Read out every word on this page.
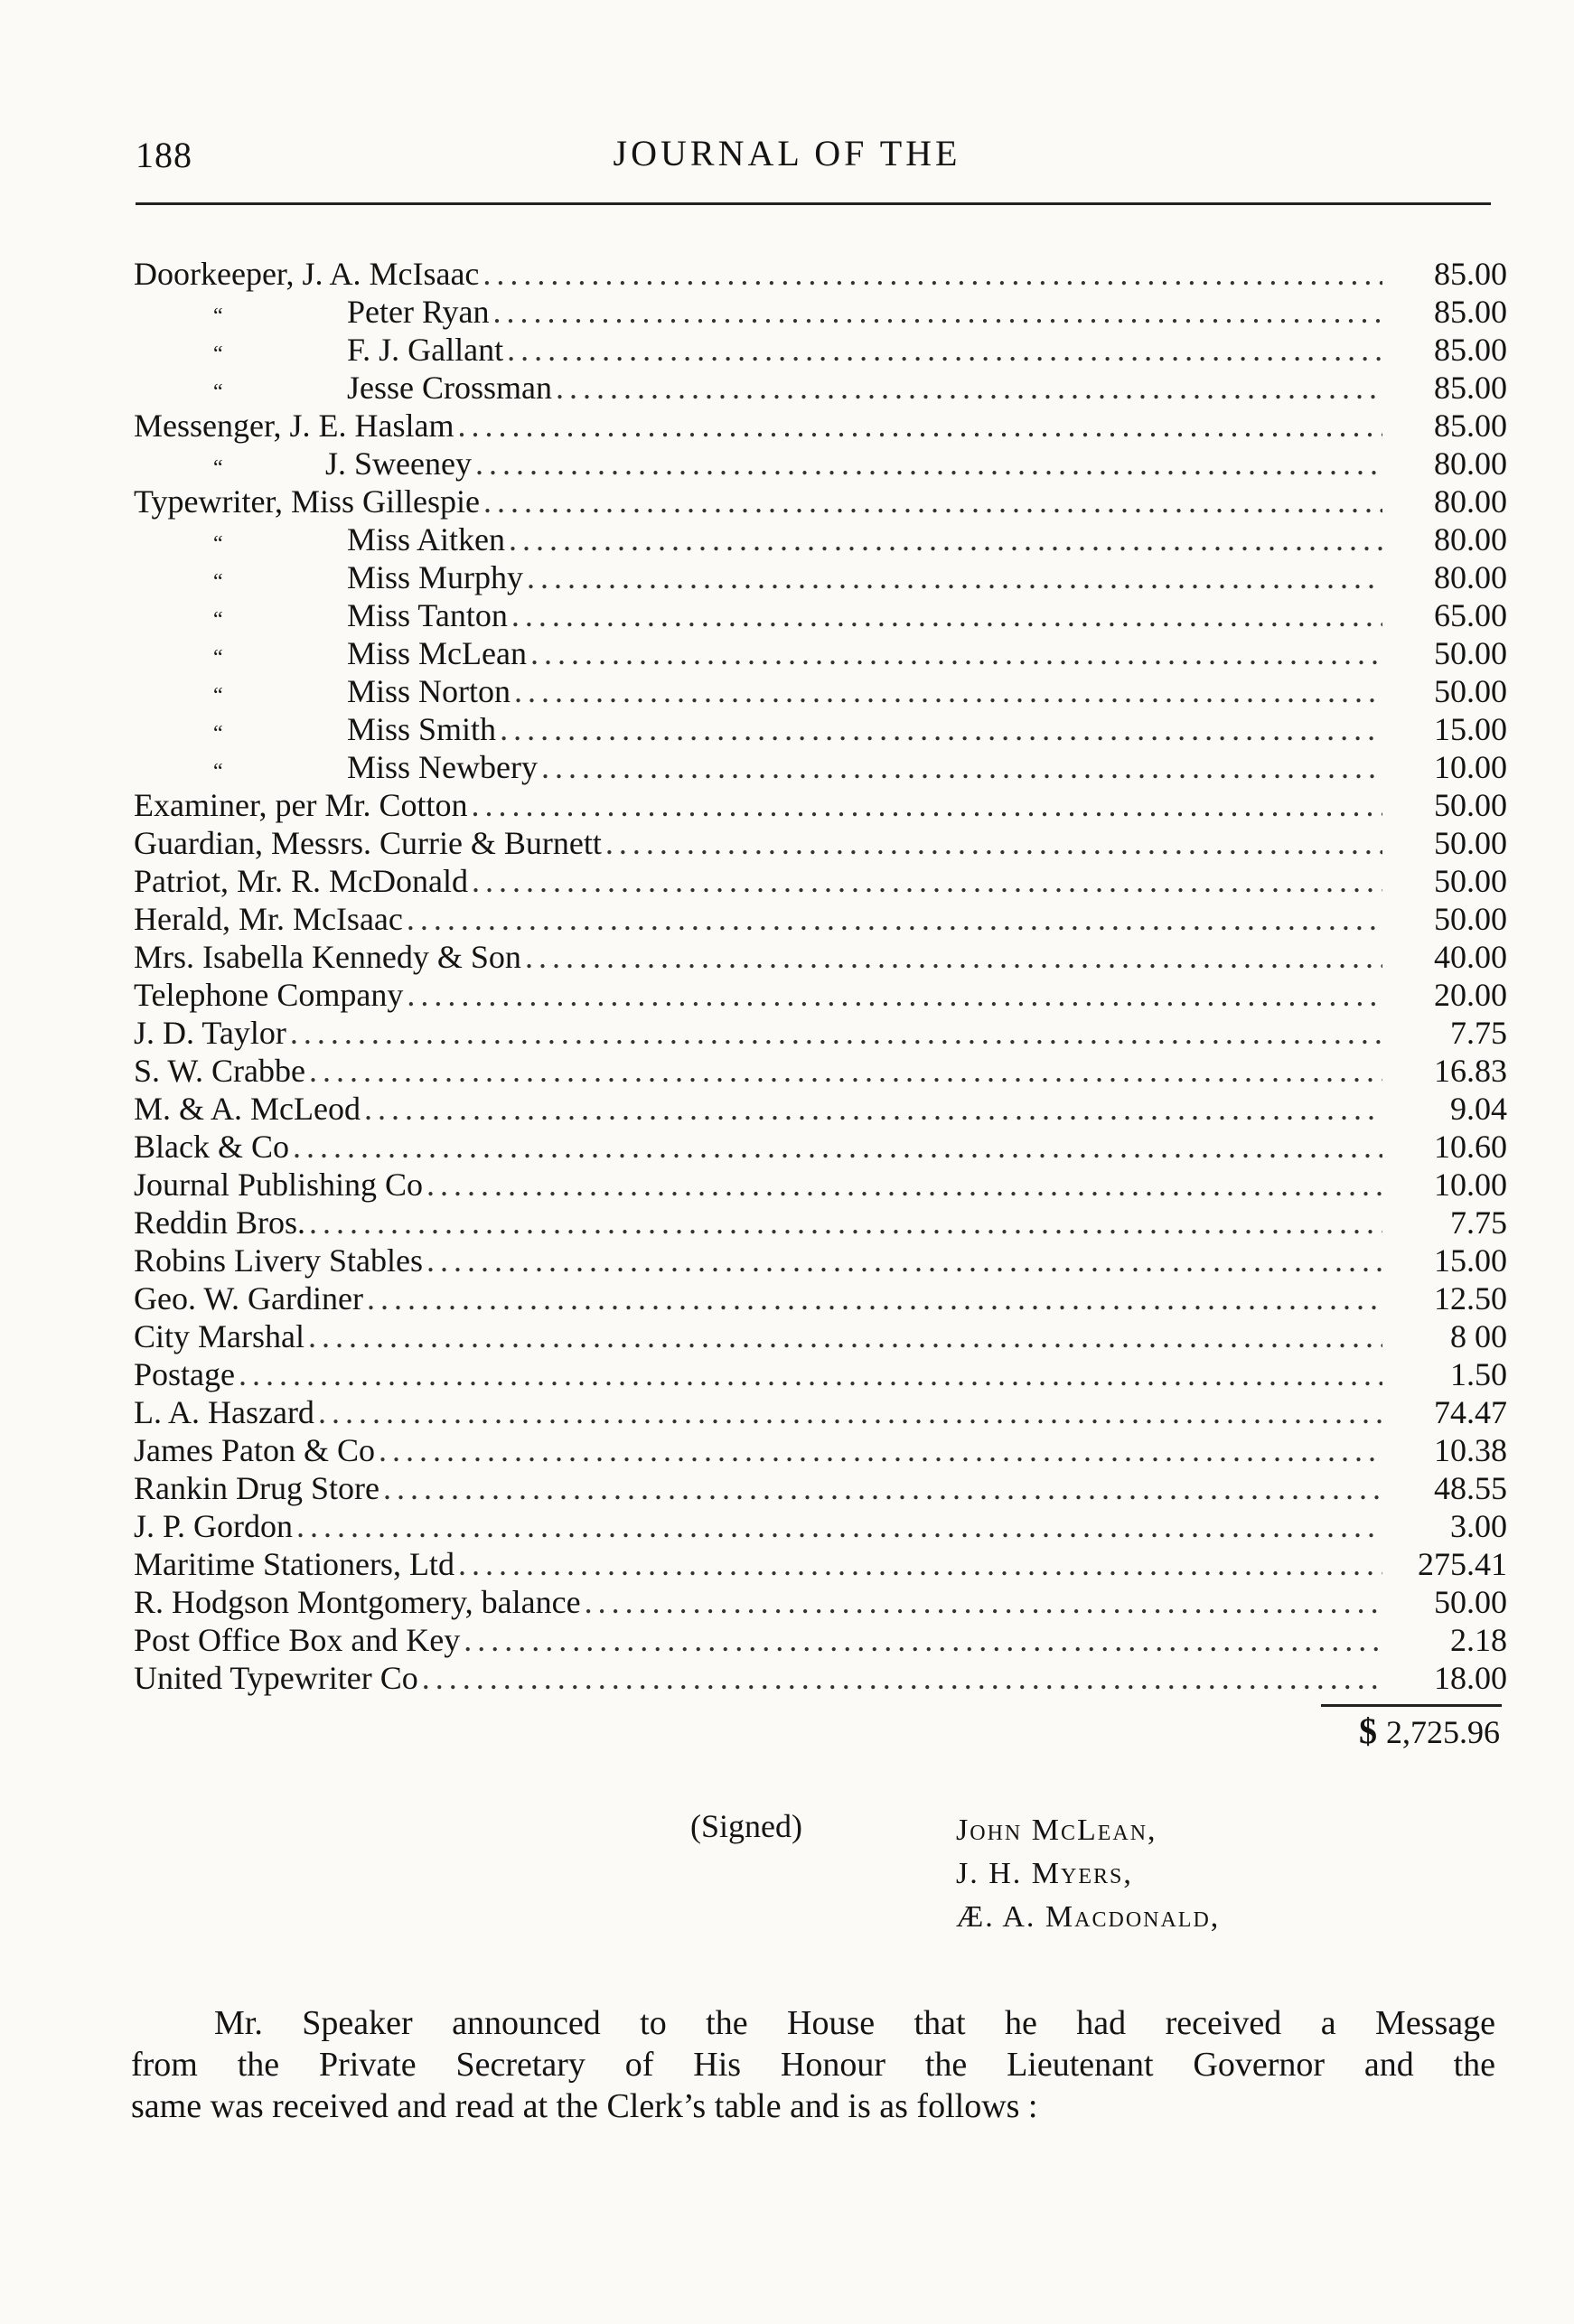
188	JOURNAL OF THE
Doorkeeper, J. A. McIsaac .....	85.00
“	Peter Ryan .....	85.00
“	F. J. Gallant .....	85.00
“	Jesse Crossman .....	85.00
Messenger, J. E. Haslam .....	85.00
“	J. Sweeney .....	80.00
Typewriter, Miss Gillespie .....	80.00
“	Miss Aitken .....	80.00
“	Miss Murphy .....	80.00
“	Miss Tanton .....	65.00
“	Miss McLean .....	50.00
“	Miss Norton .....	50.00
“	Miss Smith .....	15.00
“	Miss Newbery .....	10.00
Examiner, per Mr. Cotton .....	50.00
Guardian, Messrs. Currie & Burnett .....	50.00
Patriot, Mr. R. McDonald .....	50.00
Herald, Mr. McIsaac .....	50.00
Mrs. Isabella Kennedy & Son .....	40.00
Telephone Company .....	20.00
J. D. Taylor .....	7.75
S. W. Crabbe .....	16.83
M. & A. McLeod .....	9.04
Black & Co .....	10.60
Journal Publishing Co .....	10.00
Reddin Bros. .....	7.75
Robins Livery Stables .....	15.00
Geo. W. Gardiner .....	12.50
City Marshal .....	8 00
Postage .....	1.50
L. A. Haszard .....	74.47
James Paton & Co .....	10.38
Rankin Drug Store .....	48.55
J. P. Gordon .....	3.00
Maritime Stationers, Ltd .....	275.41
R. Hodgson Montgomery, balance .....	50.00
Post Office Box and Key .....	2.18
United Typewriter Co .....	18.00
$ 2,725.96
(Signed)	John McLean,
J. H. Myers,
Æ. A. Macdonald,
Mr. Speaker announced to the House that he had received a Message
from the Private Secretary of His Honour the Lieutenant Governor and the
same was received and read at the Clerk’s table and is as follows :
